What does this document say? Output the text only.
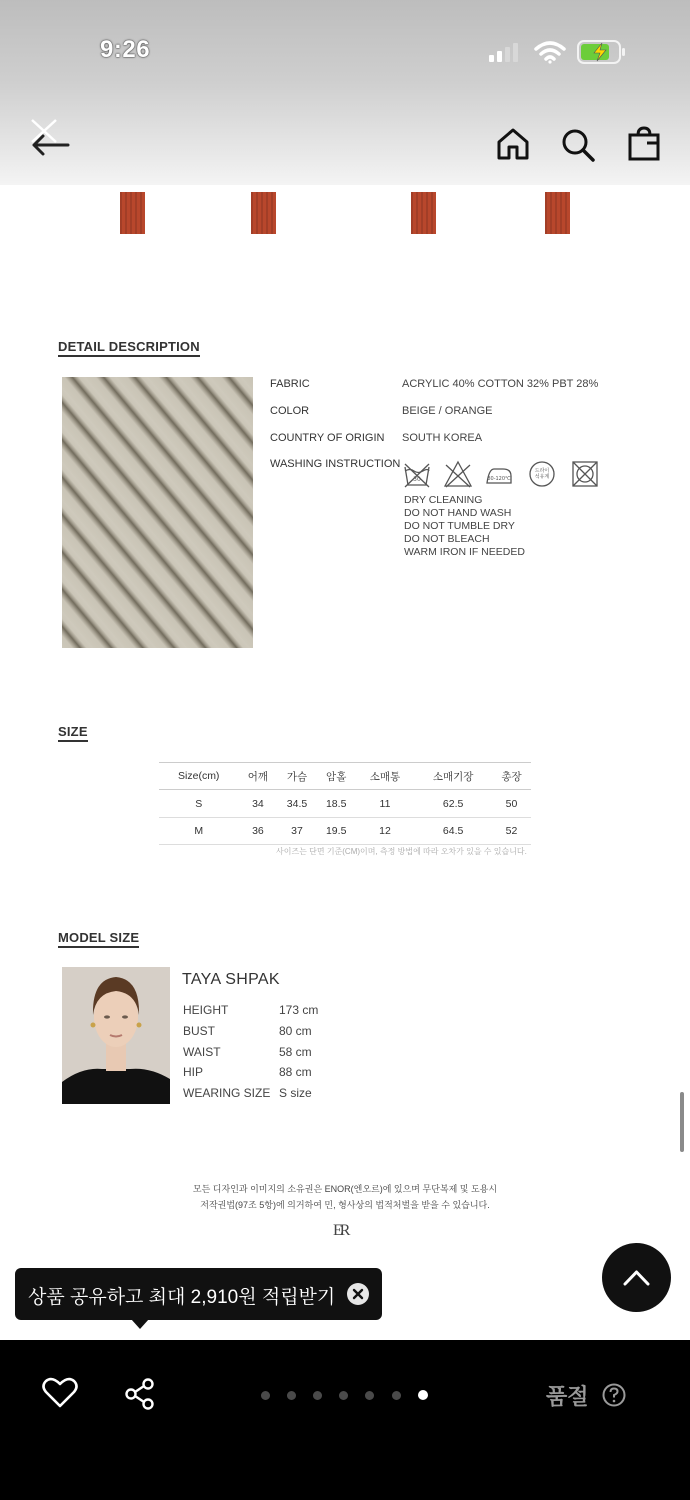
9:26
DETAIL DESCRIPTION
FABRIC	ACRYLIC 40% COTTON 32% PBT 28%
COLOR	BEIGE / ORANGE
COUNTRY OF ORIGIN SOUTH KOREA
WASHING INSTRUCTION
30	80-120℃
드라이 석유계
DRY CLEANING
DO NOT HAND WASH
DO NOT TUMBLE DRY
DO NOT BLEACH
WARM IRON IF NEEDED
SIZE
Size(cm)	어깨	가슴	암홀	소매통	소매기장	총장
S	34	34.5	18.5	11	62.5	50
M	36	37	19.5	12	64.5	52
사이즈는 단면 기준(CM)이며, 측정 방법에 따라 오차가 있을 수 있습니다.
MODEL SIZE
TAYA SHPAK
HEIGHT	173 cm
BUST	80 cm
WAIST	58 cm
HIP	88 cm
WEARING SIZE S size
모든 디자인과 이미지의 소유권은 ENOR(엔오르)에 있으며 무단복제 및 도용시
저작권법(97조 5항)에 의거하여 민, 형사상의 법적처벌을 받을 수 있습니다.
ER
상품 공유하고 최대 2,910원 적립받기
품절
